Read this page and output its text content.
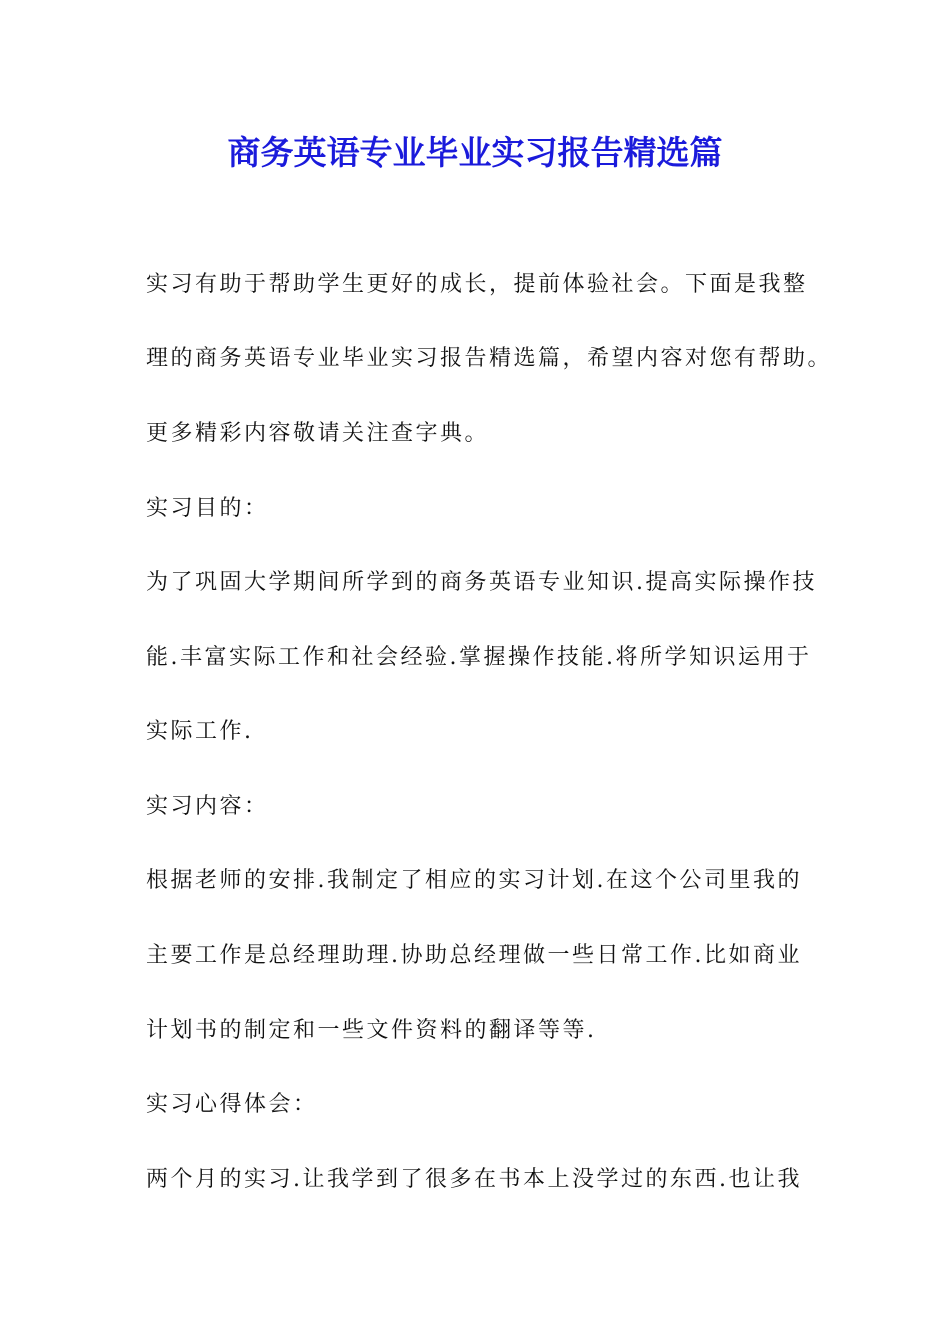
商务英语专业毕业实习报告精选篇
实习有助于帮助学生更好的成长，提前体验社会。下面是我整
理的商务英语专业毕业实习报告精选篇，希望内容对您有帮助。
更多精彩内容敬请关注查字典。
实习目的：
为了巩固大学期间所学到的商务英语专业知识.提高实际操作技
能.丰富实际工作和社会经验.掌握操作技能.将所学知识运用于
实际工作.
实习内容：
根据老师的安排.我制定了相应的实习计划.在这个公司里我的
主要工作是总经理助理.协助总经理做一些日常工作.比如商业
计划书的制定和一些文件资料的翻译等等.
实习心得体会：
两个月的实习.让我学到了很多在书本上没学过的东西.也让我
